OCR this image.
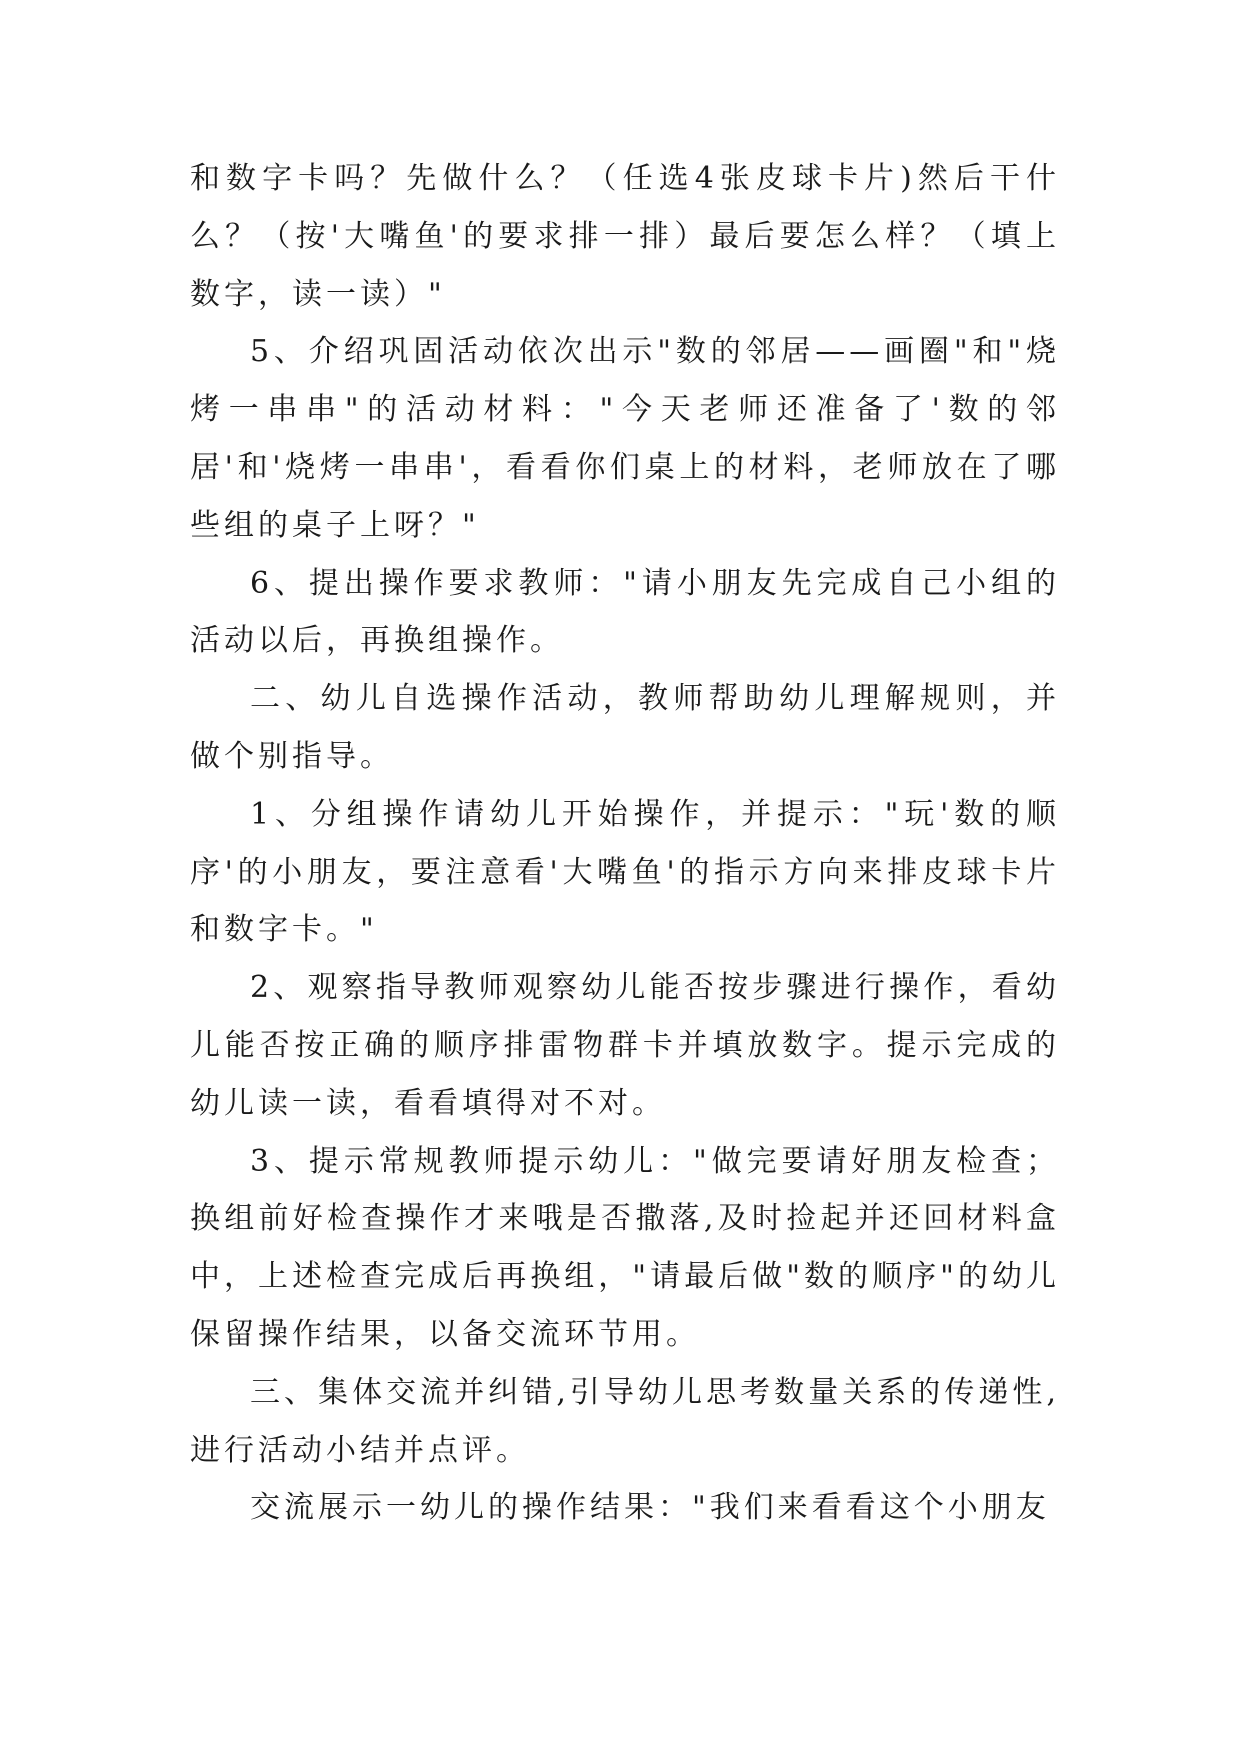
和数字卡吗？先做什么？（任选4张皮球卡片)然后干什么？（按'大嘴鱼'的要求排一排）最后要怎么样？（填上数字，读一读）"

5、介绍巩固活动依次出示"数的邻居——画圈"和"烧烤一串串"的活动材料："今天老师还准备了'数的邻居'和'烧烤一串串'，看看你们桌上的材料，老师放在了哪些组的桌子上呀？"

6、提出操作要求教师："请小朋友先完成自己小组的活动以后，再换组操作。

二、幼儿自选操作活动，教师帮助幼儿理解规则，并做个别指导。

1、分组操作请幼儿开始操作，并提示："玩'数的顺序'的小朋友，要注意看'大嘴鱼'的指示方向来排皮球卡片和数字卡。"

2、观察指导教师观察幼儿能否按步骤进行操作，看幼儿能否按正确的顺序排雷物群卡并填放数字。提示完成的幼儿读一读，看看填得对不对。

3、提示常规教师提示幼儿："做完要请好朋友检查；换组前好检查操作才来哦是否撒落,及时捡起并还回材料盒中，上述检查完成后再换组，"请最后做"数的顺序"的幼儿保留操作结果，以备交流环节用。

三、集体交流并纠错,引导幼儿思考数量关系的传递性,进行活动小结并点评。

交流展示一幼儿的操作结果："我们来看看这个小朋友
